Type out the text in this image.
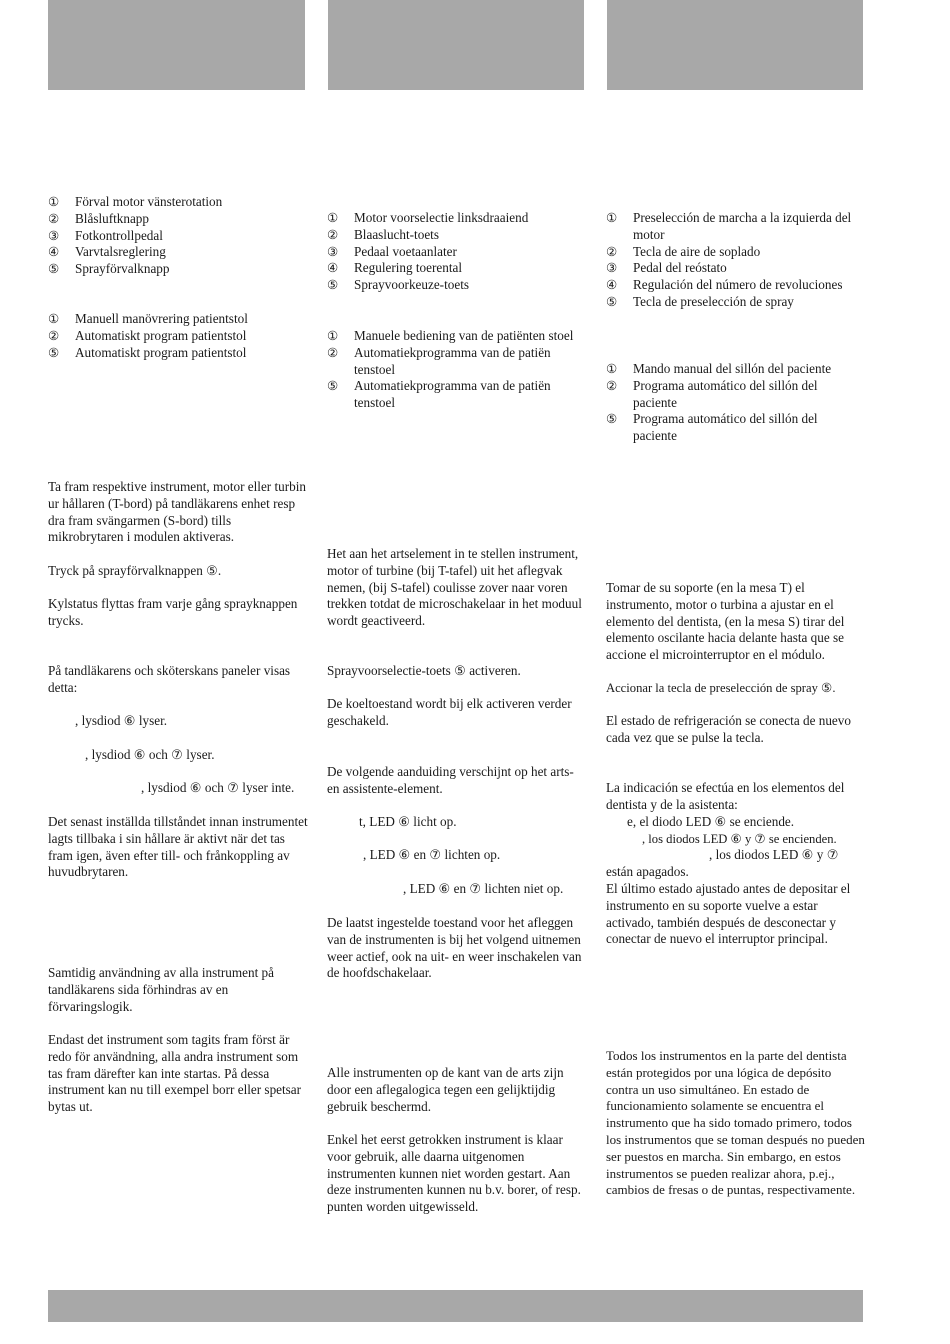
① Förval motor vänsterotation
② Blåsluftknapp
③ Fotkontrollpedal
④ Varvtalsreglering
⑤ Sprayförvalknapp
① Manuell manövrering patientstol
② Automatiskt program patientstol
⑤ Automatiskt program patientstol

Ta fram respektive instrument, motor eller turbin ur hållaren (T-bord) på tandläkarens enhet resp dra fram svängarmen (S-bord) tills mikrobrytaren i modulen aktiveras.

Tryck på sprayförvalknappen ⑤.

Kylstatus flyttas fram varje gång sprayknappen trycks.

På tandläkarens och sköterskans paneler visas detta:

, lysdiod ⑥ lyser.

, lysdiod ⑥ och ⑦ lyser.

, lysdiod ⑥ och ⑦ lyser inte.

Det senast inställda tillståndet innan instrumentet lagts tillbaka i sin hållare är aktivt när det tas fram igen, även efter till- och frånkoppling av huvudbrytaren.

Samtidig användning av alla instrument på tandläkarens sida förhindras av en förvaringslogik.

Endast det instrument som tagits fram först är redo för användning, alla andra instrument som tas fram därefter kan inte startas. På dessa instrument kan nu till exempel borr eller spetsar bytas ut.

① Motor voorselectie linksdraaiend
② Blaaslucht-toets
③ Pedaal voetaanlater
④ Regulering toerental
⑤ Sprayvoorkeuze-toets
① Manuele bediening van de patiënten stoel
② Automatiekprogramma van de patiën tenstoel
⑤ Automatiekprogramma van de patiën tenstoel

Het aan het artselement in te stellen instrument, motor of turbine (bij T-tafel) uit het aflegvak nemen, (bij S-tafel) coulisse zover naar voren trekken totdat de microschakelaar in het moduul wordt geactiveerd.

Sprayvoorselectie-toets ⑤ activeren.

De koeltoestand wordt bij elk activeren verder geschakeld.

De volgende aanduiding verschijnt op het arts- en assistente-element.

t, LED ⑥ licht op.

, LED ⑥ en ⑦ lichten op.

, LED ⑥ en ⑦ lichten niet op.

De laatst ingestelde toestand voor het afleggen van de instrumenten is bij het volgend uitnemen weer actief, ook na uit- en weer inschakelen van de hoofdschakelaar.

Alle instrumenten op de kant van de arts zijn door een aflegalogica tegen een gelijktijdig gebruik beschermd.

Enkel het eerst getrokken instrument is klaar voor gebruik, alle daarna uitgenomen instrumenten kunnen niet worden gestart. Aan deze instrumenten kunnen nu b.v. borer, of resp. punten worden uitgewisseld.

① Preselección de marcha a la izquierda del motor
② Tecla de aire de soplado
③ Pedal del reóstato
④ Regulación del número de revoluciones
⑤ Tecla de preselección de spray
① Mando manual del sillón del paciente
② Programa automático del sillón del paciente
⑤ Programa automático del sillón del paciente

Tomar de su soporte (en la mesa T) el instrumento, motor o turbina a ajustar en el elemento del dentista, (en la mesa S) tirar del elemento oscilante hacia delante hasta que se accione el microinterruptor en el módulo.

Accionar la tecla de preselección de spray ⑤.

El estado de refrigeración se conecta de nuevo cada vez que se pulse la tecla.

La indicación se efectúa en los elementos del dentista y de la asistenta:

e, el diodo LED ⑥ se enciende.

, los diodos LED ⑥ y ⑦ se encienden.

, los diodos LED ⑥ y ⑦

están apagados.

El último estado ajustado antes de depositar el instrumento en su soporte vuelve a estar activado, también después de desconectar y conectar de nuevo el interruptor principal.

Todos los instrumentos en la parte del dentista están protegidos por una lógica de depósito contra un uso simultáneo. En estado de funcionamiento solamente se encuentra el instrumento que ha sido tomado primero, todos los instrumentos que se toman después no pueden ser puestos en marcha. Sin embargo, en estos instrumentos se pueden realizar ahora, p.ej., cambios de fresas o de puntas, respectivamente.
